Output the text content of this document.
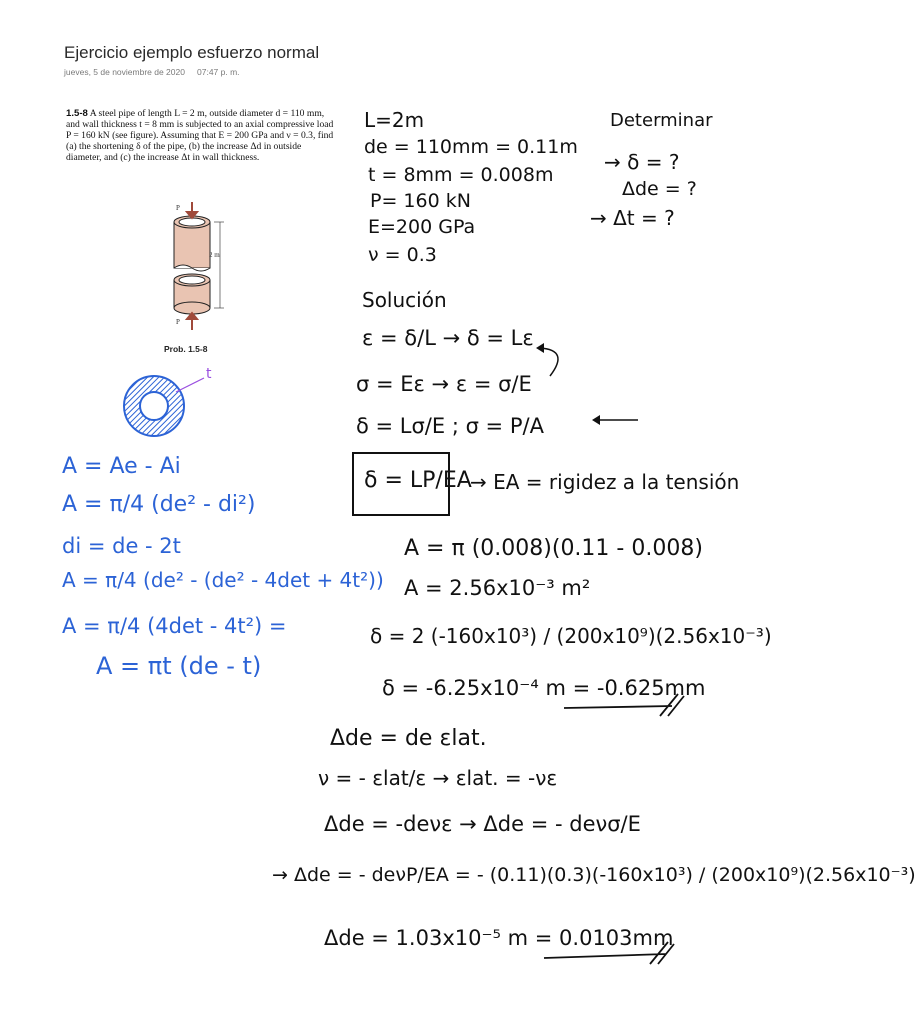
Ejercicio ejemplo esfuerzo normal
jueves, 5 de noviembre de 2020 07:47 p. m.
1.5-8 A steel pipe of length L = 2 m, outside diameter d = 110 mm, and wall thickness t = 8 mm is subjected to an axial compressive load P = 160 kN (see figure). Assuming that E = 200 GPa and ν = 0.3, find (a) the shortening δ of the pipe, (b) the increase Δd in outside diameter, and (c) the increase Δt in wall thickness.
P
P
2 m
Prob. 1.5-8
t
L=2m
de = 110mm = 0.11m
t = 8mm = 0.008m
P= 160 kN
E=200 GPa
ν = 0.3
Determinar
→ δ = ?
Δde = ?
→ Δt = ?
Solución
ε = δ/L → δ = Lε
σ = Eε → ε = σ/E
δ = Lσ/E ; σ = P/A
δ = LP/EA
→ EA = rigidez a la tensión
A = Ae - Ai
A = π/4 (de² - di²)
di = de - 2t
A = π/4 (de² - (de² - 4det + 4t²))
A = π/4 (4det - 4t²) =
A = πt (de - t)
A = π (0.008)(0.11 - 0.008)
A = 2.56x10⁻³ m²
δ = 2 (-160x10³) / (200x10⁹)(2.56x10⁻³)
δ = -6.25x10⁻⁴ m = -0.625mm
Δde = de εlat.
ν = - εlat/ε → εlat. = -νε
Δde = -deνε → Δde = - deνσ/E
→ Δde = - deνP/EA = - (0.11)(0.3)(-160x10³) / (200x10⁹)(2.56x10⁻³)
Δde = 1.03x10⁻⁵ m = 0.0103mm
